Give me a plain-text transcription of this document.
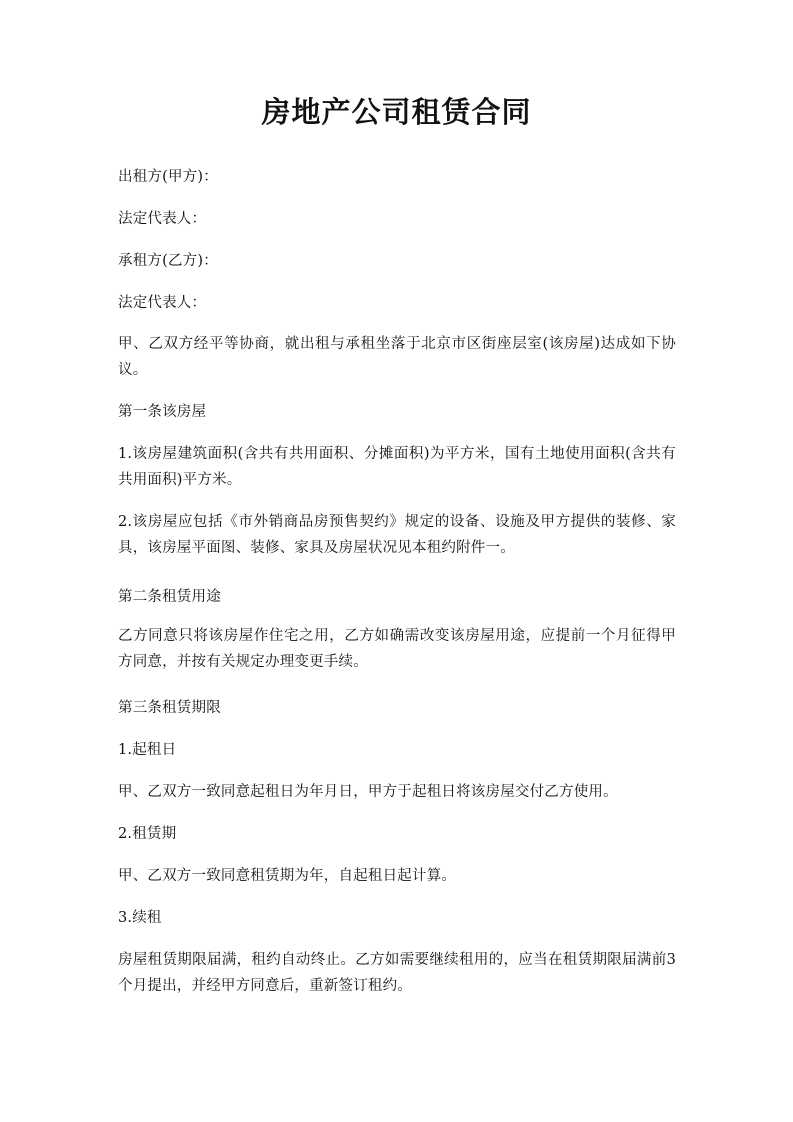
房地产公司租赁合同
出租方(甲方)：
法定代表人：
承租方(乙方)：
法定代表人：
甲、乙双方经平等协商，就出租与承租坐落于北京市区街座层室(该房屋)达成如下协议。
第一条该房屋
1.该房屋建筑面积(含共有共用面积、分摊面积)为平方米，国有土地使用面积(含共有共用面积)平方米。
2.该房屋应包括《市外销商品房预售契约》规定的设备、设施及甲方提供的装修、家具，该房屋平面图、装修、家具及房屋状况见本租约附件一。
第二条租赁用途
乙方同意只将该房屋作住宅之用，乙方如确需改变该房屋用途，应提前一个月征得甲方同意，并按有关规定办理变更手续。
第三条租赁期限
1.起租日
甲、乙双方一致同意起租日为年月日，甲方于起租日将该房屋交付乙方使用。
2.租赁期
甲、乙双方一致同意租赁期为年，自起租日起计算。
3.续租
房屋租赁期限届满，租约自动终止。乙方如需要继续租用的，应当在租赁期限届满前3个月提出，并经甲方同意后，重新签订租约。
